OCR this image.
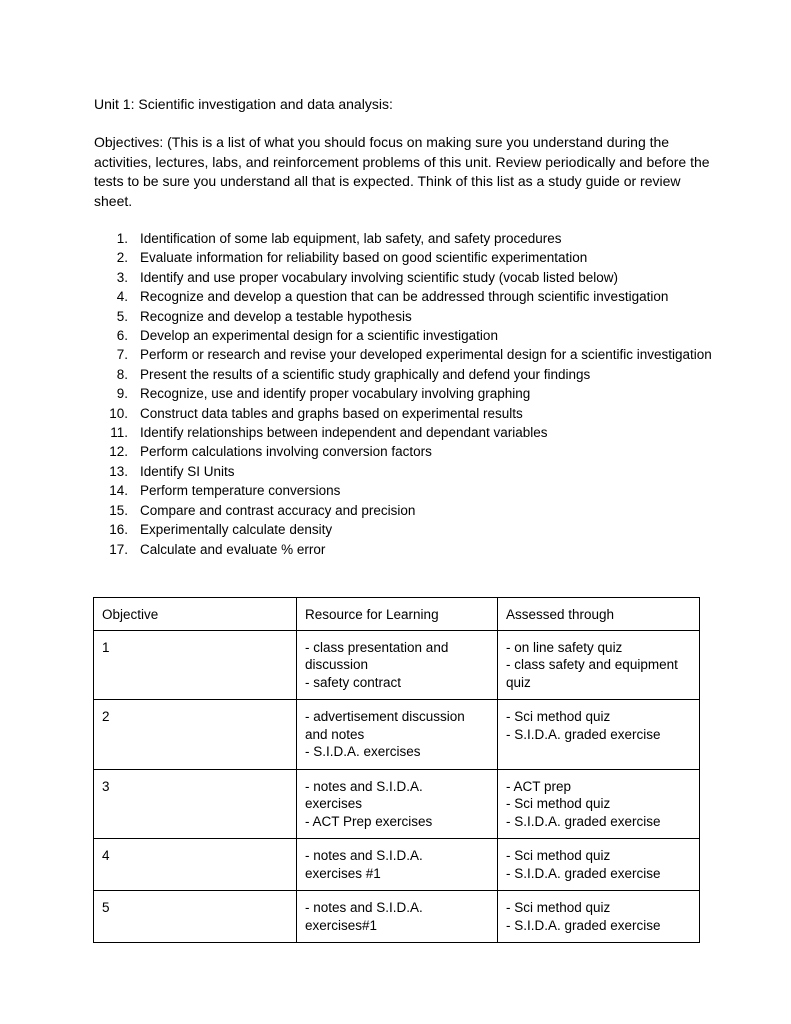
Unit 1: Scientific investigation and data analysis:
Objectives: (This is a list of what you should focus on making sure you understand during the activities, lectures, labs, and reinforcement problems of this unit. Review periodically and before the tests to be sure you understand all that is expected. Think of this list as a study guide or review sheet.
1. Identification of some lab equipment, lab safety, and safety procedures
2. Evaluate information for reliability based on good scientific experimentation
3. Identify and use proper vocabulary involving scientific study (vocab listed below)
4. Recognize and develop a question that can be addressed through scientific investigation
5. Recognize and develop a testable hypothesis
6. Develop an experimental design for a scientific investigation
7. Perform or research and revise your developed experimental design for a scientific investigation
8. Present the results of a scientific study graphically and defend your findings
9. Recognize, use and identify proper vocabulary involving graphing
10. Construct data tables and graphs based on experimental results
11. Identify relationships between independent and dependant variables
12. Perform calculations involving conversion factors
13. Identify SI Units
14. Perform temperature conversions
15. Compare and contrast accuracy and precision
16. Experimentally calculate density
17. Calculate and evaluate % error
Objective	Resource for Learning	Assessed through
1	- class presentation and
discussion
- safety contract	- on line safety quiz
- class safety and equipment
quiz

2	- advertisement discussion
and notes
- S.I.D.A. exercises	- Sci method quiz
- S.I.D.A. graded exercise

3	- notes and S.I.D.A.
exercises
- ACT Prep exercises	- ACT prep
- Sci method quiz
- S.I.D.A. graded exercise

4	- notes and S.I.D.A.
exercises #1	- Sci method quiz
- S.I.D.A. graded exercise

5	- notes and S.I.D.A.
exercises#1	- Sci method quiz
- S.I.D.A. graded exercise
